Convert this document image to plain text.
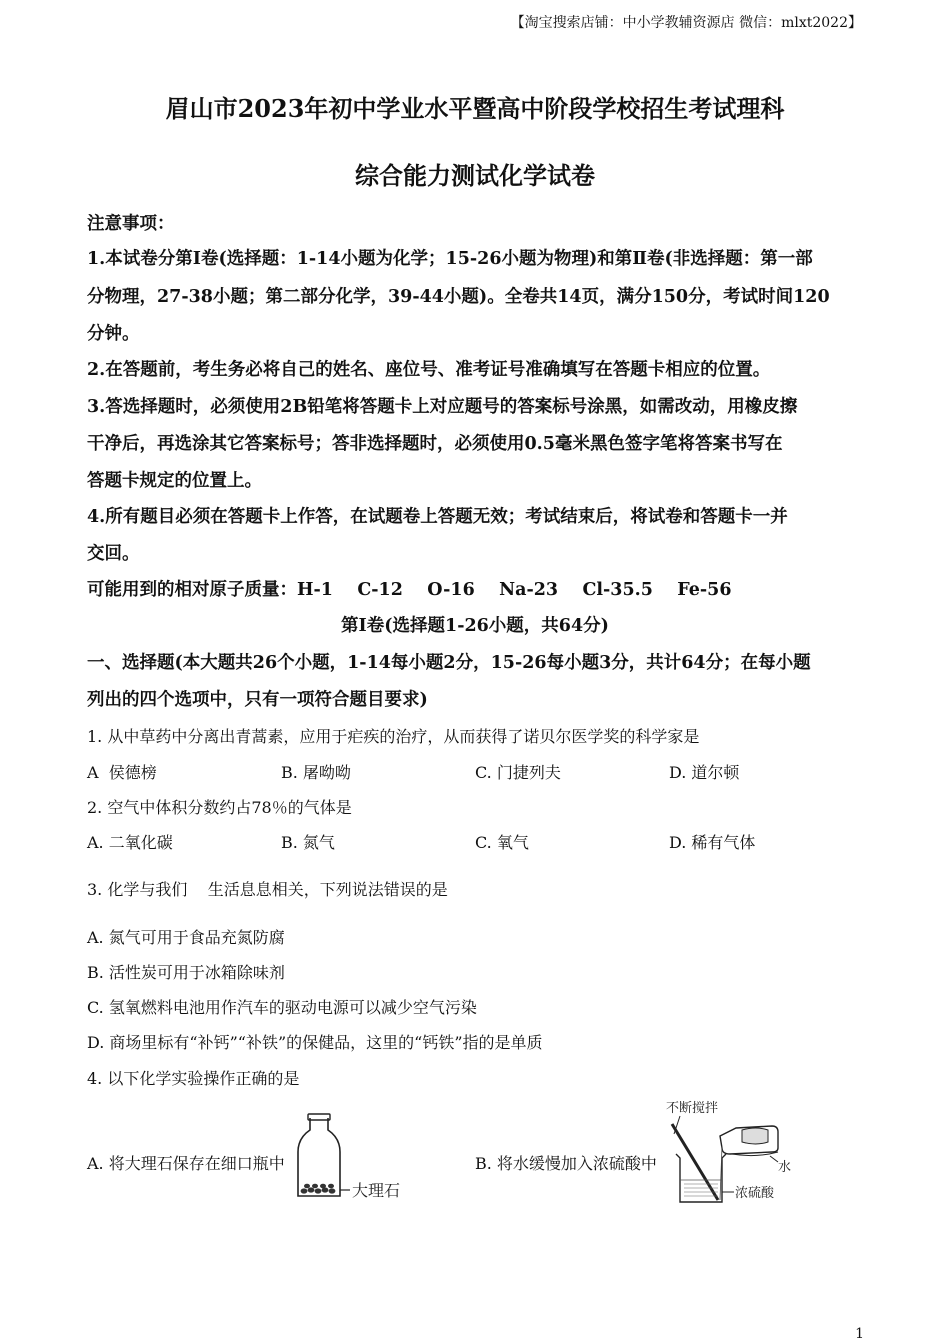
【淘宝搜索店铺：中小学教辅资源店 微信：mlxt2022】
眉山市2023年初中学业水平暨高中阶段学校招生考试理科
综合能力测试化学试卷
注意事项：
1.本试卷分第Ⅰ卷(选择题：1-14小题为化学；15-26小题为物理)和第Ⅱ卷(非选择题：第一部
分物理，27-38小题；第二部分化学，39-44小题)。全卷共14页，满分150分，考试时间120
分钟。
2.在答题前，考生务必将自己的姓名、座位号、准考证号准确填写在答题卡相应的位置。
3.答选择题时，必须使用2B铅笔将答题卡上对应题号的答案标号涂黑，如需改动，用橡皮擦
干净后，再选涂其它答案标号；答非选择题时，必须使用0.5毫米黑色签字笔将答案书写在
答题卡规定的位置上。
4.所有题目必须在答题卡上作答，在试题卷上答题无效；考试结束后，将试卷和答题卡一并
交回。
可能用到的相对原子质量：H-1    C-12    O-16    Na-23    Cl-35.5    Fe-56
第Ⅰ卷(选择题1-26小题，共64分)
一、选择题(本大题共26个小题，1-14每小题2分，15-26每小题3分，共计64分；在每小题
列出的四个选项中，只有一项符合题目要求)
1. 从中草药中分离出青蒿素，应用于疟疾的治疗，从而获得了诺贝尔医学奖的科学家是
A  侯德榜	B. 屠呦呦	C. 门捷列夫	D. 道尔顿
2. 空气中体积分数约占78％的气体是
A. 二氧化碳	B. 氮气	C. 氧气	D. 稀有气体
3. 化学与我们    生活息息相关，下列说法错误的是
A. 氮气可用于食品充氮防腐
B. 活性炭可用于冰箱除味剂
C. 氢氧燃料电池用作汽车的驱动电源可以减少空气污染
D. 商场里标有“补钙”“补铁”的保健品，这里的“钙铁”指的是单质
4. 以下化学实验操作正确的是
A. 将大理石保存在细口瓶中	B. 将水缓慢加入浓硫酸中
大理石
不断搅拌
水
浓硫酸
1
